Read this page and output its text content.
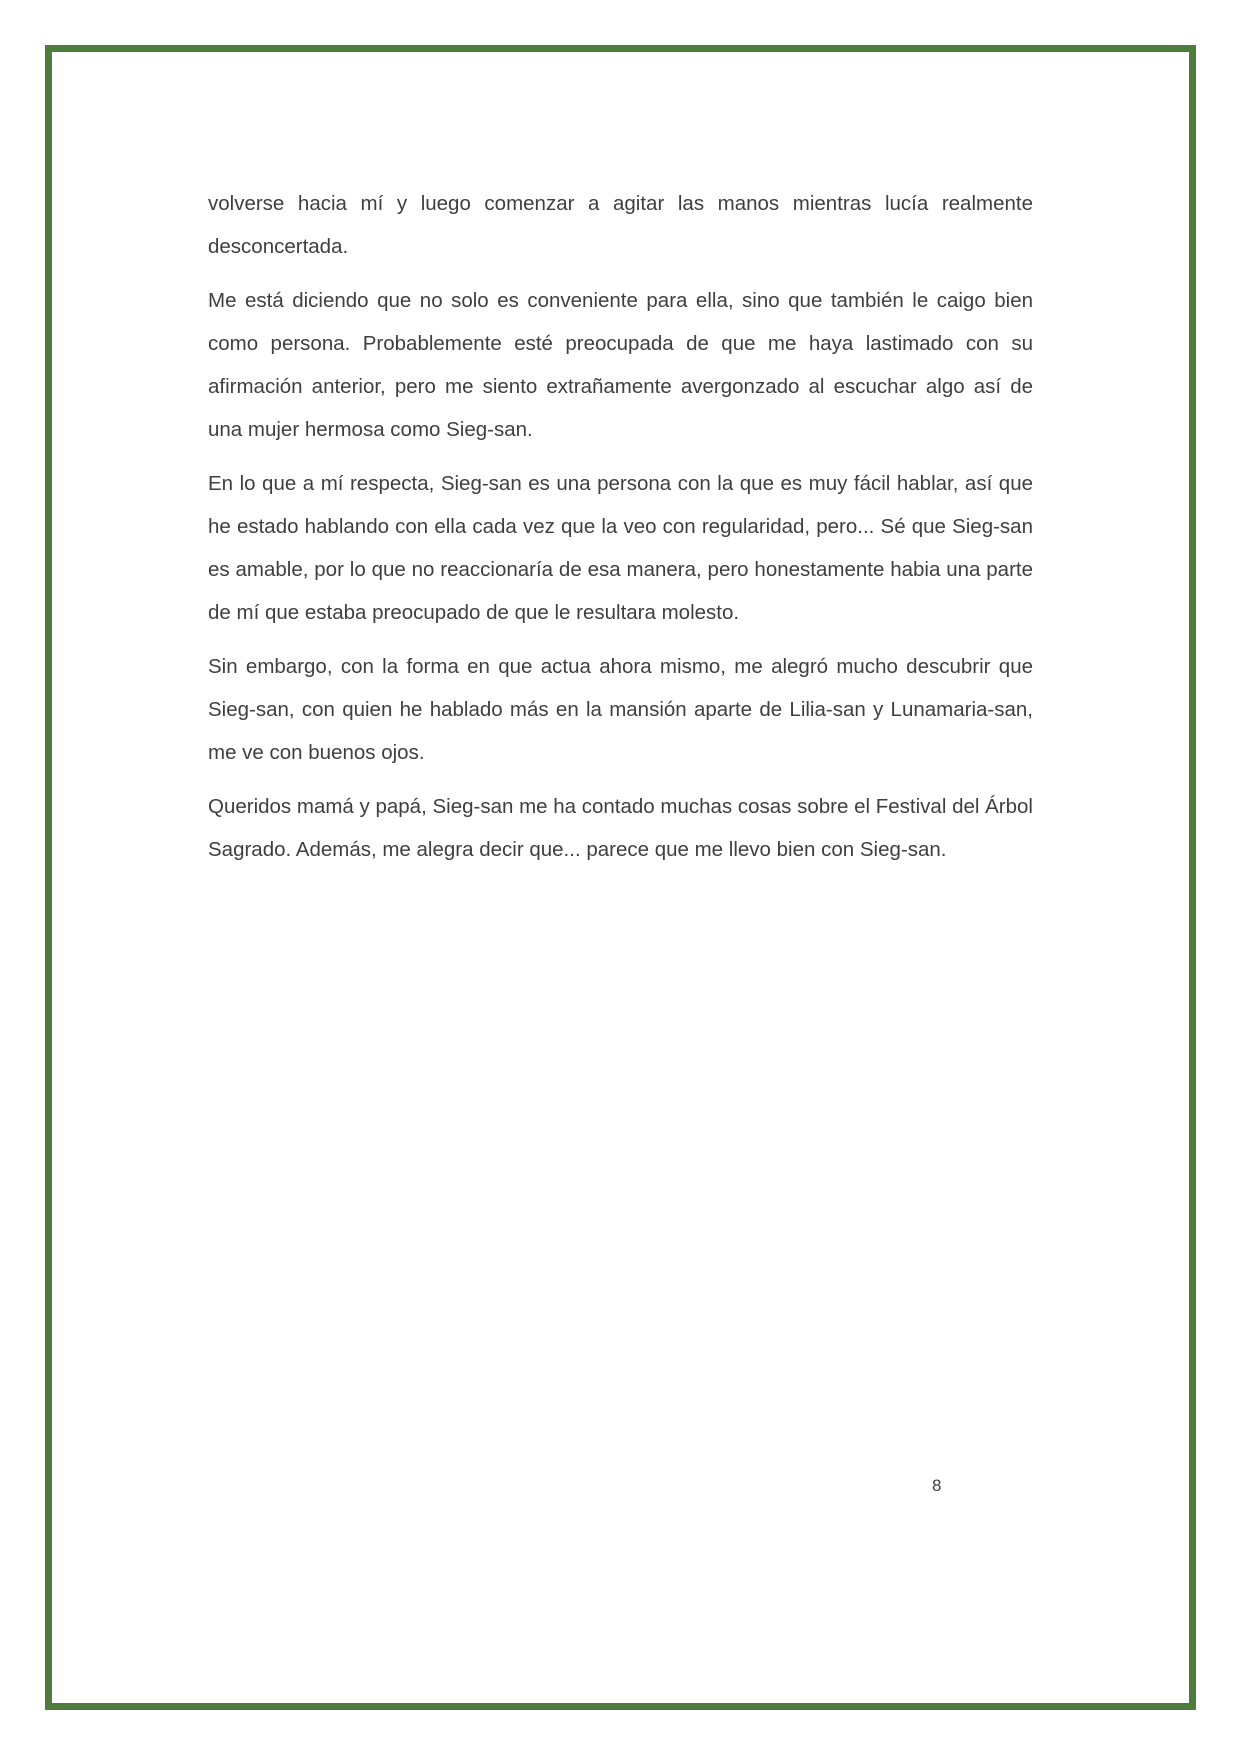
volverse hacia mí y luego comenzar a agitar las manos mientras lucía realmente desconcertada.

Me está diciendo que no solo es conveniente para ella, sino que también le caigo bien como persona. Probablemente esté preocupada de que me haya lastimado con su afirmación anterior, pero me siento extrañamente avergonzado al escuchar algo así de una mujer hermosa como Sieg-san.

En lo que a mí respecta, Sieg-san es una persona con la que es muy fácil hablar, así que he estado hablando con ella cada vez que la veo con regularidad, pero... Sé que Sieg-san es amable, por lo que no reaccionaría de esa manera, pero honestamente habia una parte de mí que estaba preocupado de que le resultara molesto.

Sin embargo, con la forma en que actua ahora mismo, me alegró mucho descubrir que Sieg-san, con quien he hablado más en la mansión aparte de Lilia-san y Lunamaria-san, me ve con buenos ojos.

Queridos mamá y papá, Sieg-san me ha contado muchas cosas sobre el Festival del Árbol Sagrado. Además, me alegra decir que... parece que me llevo bien con Sieg-san.

8
